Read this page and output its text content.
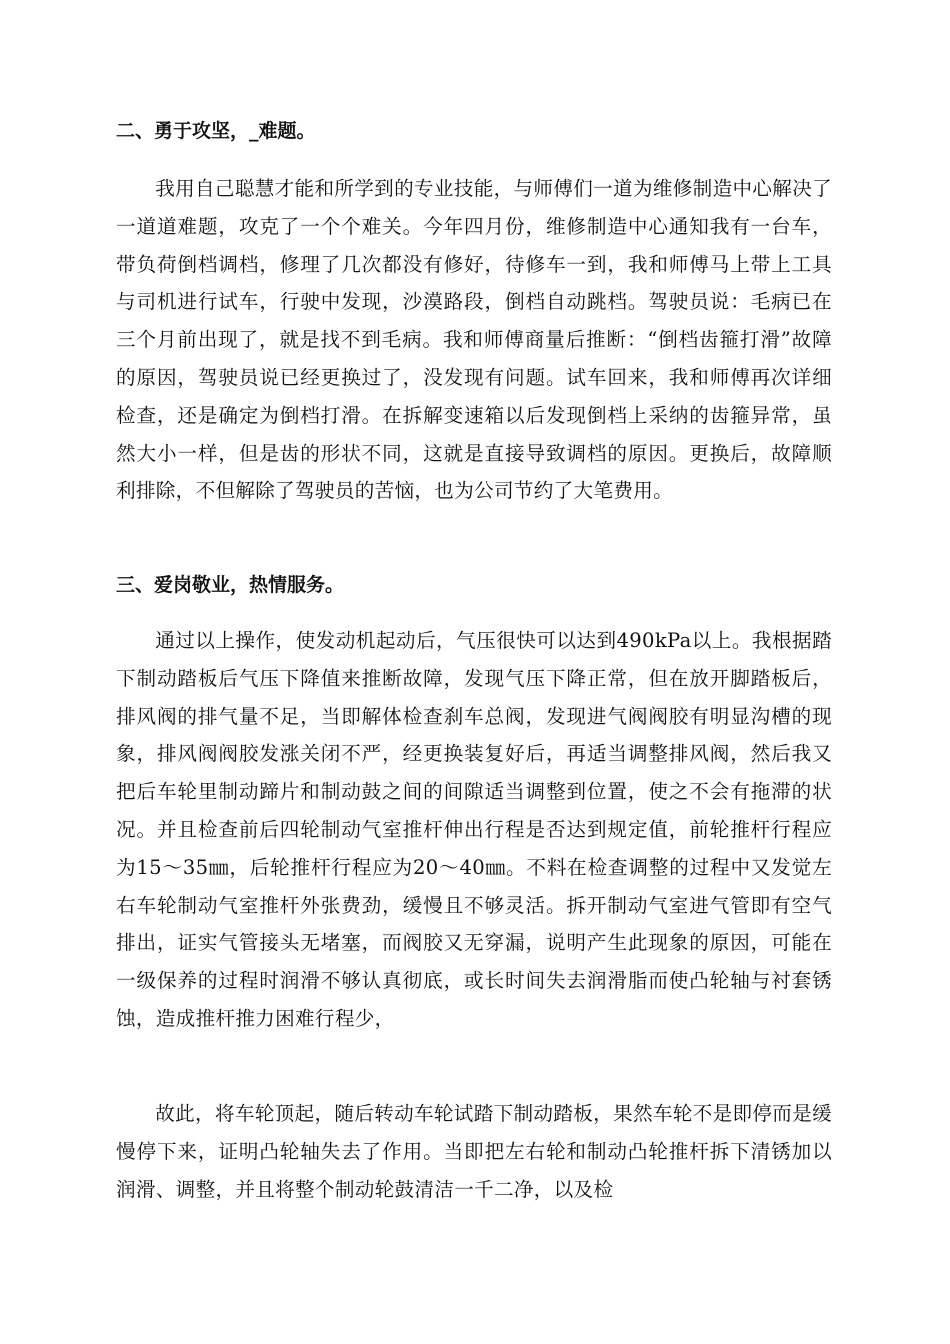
二、勇于攻坚，_难题。

我用自己聪慧才能和所学到的专业技能，与师傅们一道为维修制造中心解决了一道道难题，攻克了一个个难关。今年四月份，维修制造中心通知我有一台车，带负荷倒档调档，修理了几次都没有修好，待修车一到，我和师傅马上带上工具与司机进行试车，行驶中发现，沙漠路段，倒档自动跳档。驾驶员说：毛病已在三个月前出现了，就是找不到毛病。我和师傅商量后推断：“倒档齿箍打滑”故障的原因，驾驶员说已经更换过了，没发现有问题。试车回来，我和师傅再次详细检查，还是确定为倒档打滑。在拆解变速箱以后发现倒档上采纳的齿箍异常，虽然大小一样，但是齿的形状不同，这就是直接导致调档的原因。更换后，故障顺利排除，不但解除了驾驶员的苦恼，也为公司节约了大笔费用。

三、爱岗敬业，热情服务。

通过以上操作，使发动机起动后，气压很快可以达到490kPa以上。我根据踏下制动踏板后气压下降值来推断故障，发现气压下降正常，但在放开脚踏板后，排风阀的排气量不足，当即解体检查刹车总阀，发现进气阀阀胶有明显沟槽的现象，排风阀阀胶发涨关闭不严，经更换装复好后，再适当调整排风阀，然后我又把后车轮里制动蹄片和制动鼓之间的间隙适当调整到位置，使之不会有拖滞的状况。并且检查前后四轮制动气室推杆伸出行程是否达到规定值，前轮推杆行程应为15～35㎜，后轮推杆行程应为20～40㎜。不料在检查调整的过程中又发觉左右车轮制动气室推杆外张费劲，缓慢且不够灵活。拆开制动气室进气管即有空气排出，证实气管接头无堵塞，而阀胶又无穿漏，说明产生此现象的原因，可能在一级保养的过程时润滑不够认真彻底，或长时间失去润滑脂而使凸轮轴与衬套锈蚀，造成推杆推力困难行程少，

故此，将车轮顶起，随后转动车轮试踏下制动踏板，果然车轮不是即停而是缓慢停下来，证明凸轮轴失去了作用。当即把左右轮和制动凸轮推杆拆下清锈加以润滑、调整，并且将整个制动轮鼓清洁一千二净，以及检
